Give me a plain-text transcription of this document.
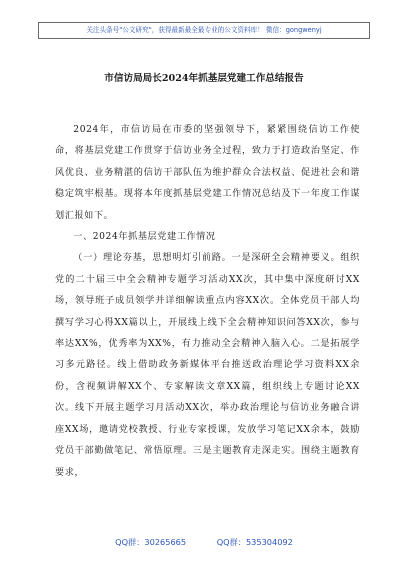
关注头条号"公文研究"，获得最新最全最专业的公文资料库！ 微信：gongwenyj
市信访局局长2024年抓基层党建工作总结报告

2024年，市信访局在市委的坚强领导下，紧紧围绕信访工作使命，将基层党建工作贯穿于信访业务全过程，致力于打造政治坚定、作风优良、业务精湛的信访干部队伍为维护群众合法权益、促进社会和谐稳定筑牢根基。现将本年度抓基层党建工作情况总结及下一年度工作谋划汇报如下。

一、2024年抓基层党建工作情况

（一）理论夯基，思想明灯引前路。一是深研全会精神要义。组织党的二十届三中全会精神专题学习活动XX次，其中集中深度研讨XX场，领导班子成员领学并详细解读重点内容XX次。全体党员干部人均撰写学习心得XX篇以上，开展线上线下全会精神知识问答XX次，参与率达XX%，优秀率为XX%，有力推动全会精神入脑入心。二是拓展学习多元路径。线上借助政务新媒体平台推送政治理论学习资料XX余份，含视频讲解XX个、专家解读文章XX篇，组织线上专题讨论XX次。线下开展主题学习月活动XX次，举办政治理论与信访业务融合讲座XX场，邀请党校教授、行业专家授课，发放学习笔记XX余本，鼓励党员干部勤做笔记、常悟原理。三是主题教育走深走实。围绕主题教育要求，

QQ群：30265665	QQ群：535304092
